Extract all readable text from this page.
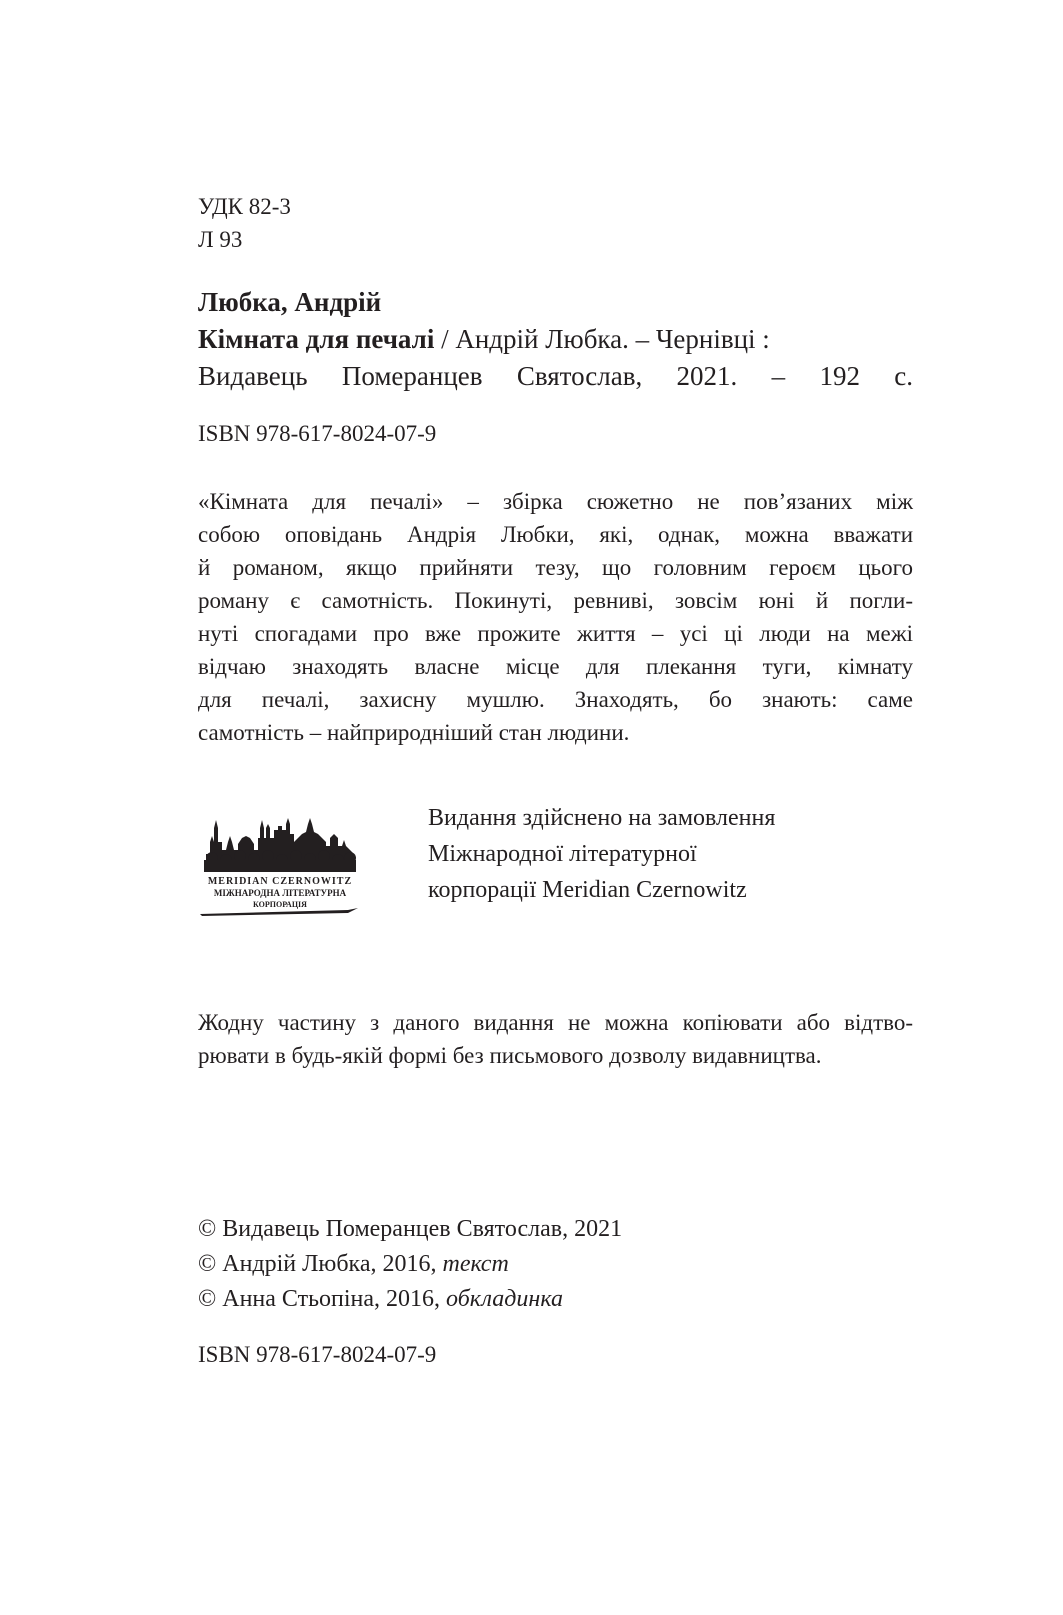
УДК 82-3
Л 93
Любка, Андрій
Кімната для печалі / Андрій Любка. – Чернівці :
Видавець Померанцев Святослав, 2021. – 192 с.
ISBN 978-617-8024-07-9
«Кімната для печалі» – збірка сюжетно не пов’язаних між
собою оповідань Андрія Любки, які, однак, можна вважати
й романом, якщо прийняти тезу, що головним героєм цього
роману є самотність. Покинуті, ревниві, зовсім юні й погли-
нуті спогадами про вже прожите життя – усі ці люди на межі
відчаю знаходять власне місце для плекання туги, кімнату
для печалі, захисну мушлю. Знаходять, бо знають: саме
самотність – найприродніший стан людини.
MERIDIAN CZERNOWITZ
МІЖНАРОДНА ЛІТЕРАТУРНА
КОРПОРАЦІЯ
Видання здійснено на замовлення
Міжнародної літературної
корпорації Meridian Czernowitz
Жодну частину з даного видання не можна копіювати або відтво-
рювати в будь-якій формі без письмового дозволу видавництва.
© Видавець Померанцев Святослав, 2021
© Андрій Любка, 2016, текст
© Анна Стьопіна, 2016, обкладинка
ISBN 978-617-8024-07-9
